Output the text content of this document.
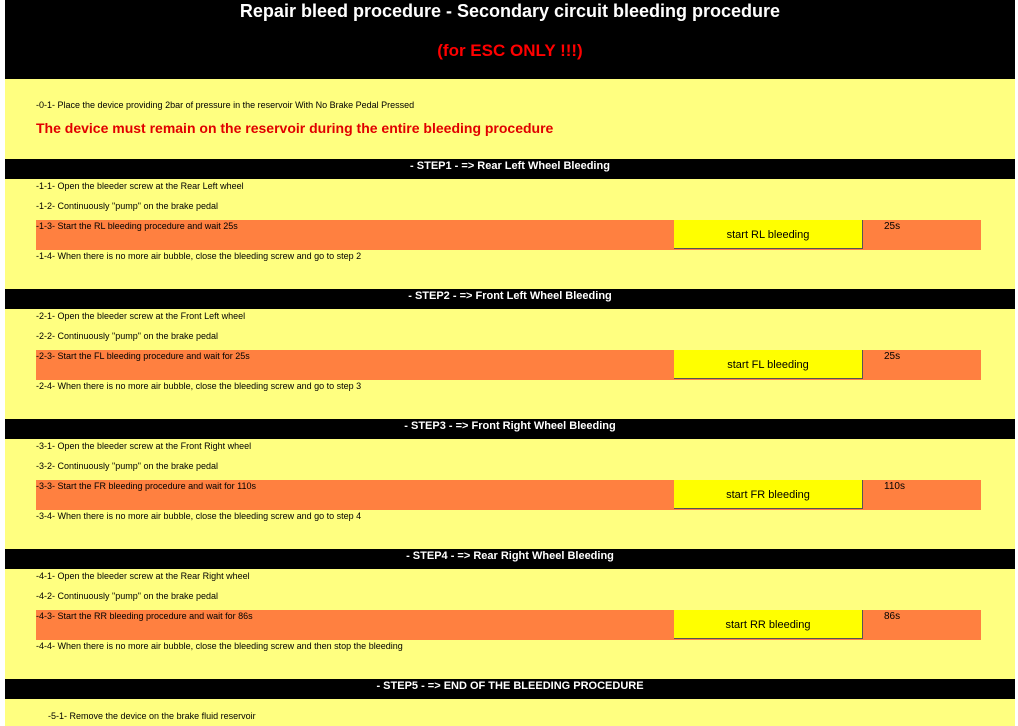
Repair bleed procedure - Secondary circuit bleeding procedure
(for ESC ONLY !!!)
-0-1- Place the device providing 2bar of pressure in the reservoir With No Brake Pedal Pressed
The device must remain on the reservoir during the entire bleeding procedure
- STEP1 - => Rear Left Wheel Bleeding
-1-1- Open the bleeder screw at the Rear Left wheel
-1-2- Continuously "pump" on the brake pedal
-1-3- Start the RL bleeding procedure and wait 25s
start RL bleeding
25s
-1-4- When there is no more air bubble, close the bleeding screw and go to step 2
- STEP2 - => Front Left Wheel Bleeding
-2-1- Open the bleeder screw at the Front Left wheel
-2-2- Continuously "pump" on the brake pedal
-2-3- Start the FL bleeding procedure and wait for 25s
start FL bleeding
25s
-2-4- When there is no more air bubble, close the bleeding screw and go to step 3
- STEP3 - => Front Right Wheel Bleeding
-3-1- Open the bleeder screw at the Front Right wheel
-3-2- Continuously "pump" on the brake pedal
-3-3- Start the FR bleeding procedure and wait for 110s
start FR bleeding
110s
-3-4- When there is no more air bubble, close the bleeding screw and go to step 4
- STEP4 - => Rear Right Wheel Bleeding
-4-1- Open the bleeder screw at the Rear Right wheel
-4-2- Continuously "pump" on the brake pedal
-4-3- Start the RR bleeding procedure and wait for 86s
start RR bleeding
86s
-4-4- When there is no more air bubble, close the bleeding screw and then stop the bleeding
- STEP5 - => END OF THE BLEEDING PROCEDURE
-5-1- Remove the device on the brake fluid reservoir
